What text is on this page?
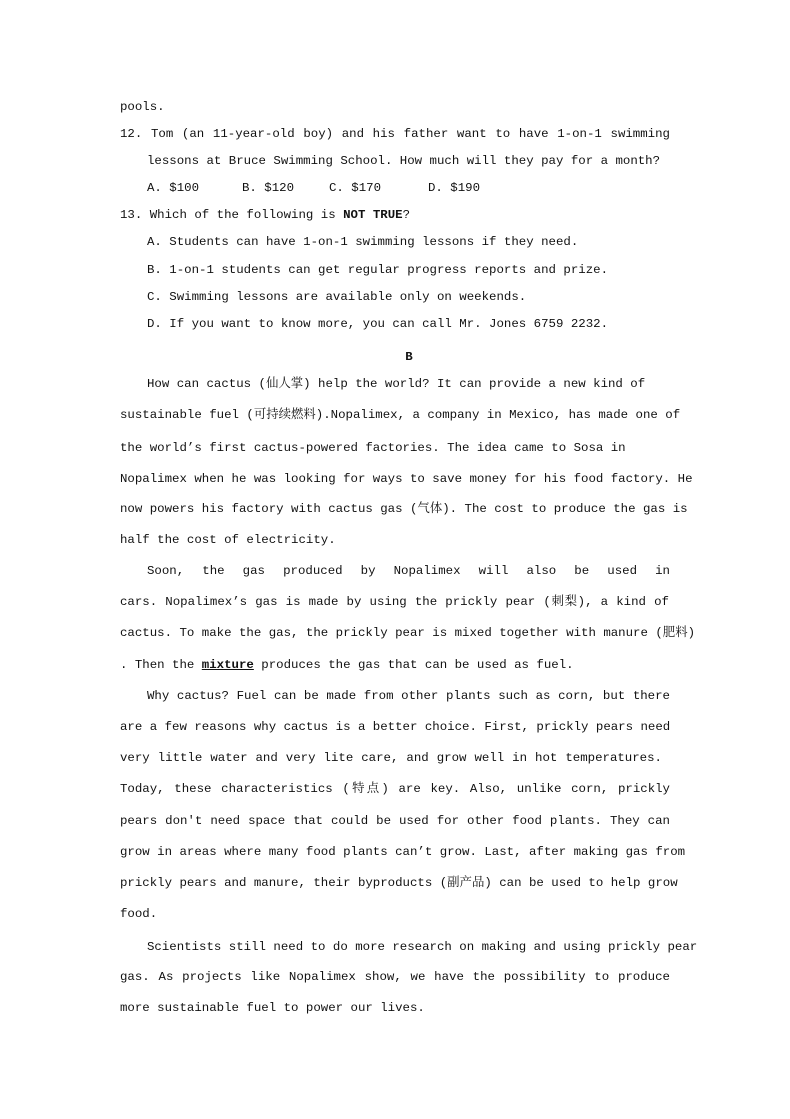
pools.
12. Tom (an 11-year-old boy) and his father want to have 1-on-1 swimming
lessons at Bruce Swimming School. How much will they pay for a month?
A. $100	B. $120	C. $170	D. $190
13. Which of the following is NOT TRUE?
A. Students can have 1-on-1 swimming lessons if they need.
B. 1-on-1 students can get regular progress reports and prize.
C. Swimming lessons are available only on weekends.
D. If you want to know more, you can call Mr. Jones 6759 2232.
B
How can cactus (仙人掌) help the world? It can provide a new kind of
sustainable fuel (可持续燃料).Nopalimex, a company in Mexico, has made one of
the world’s first cactus-powered factories. The idea came to Sosa in
Nopalimex when he was looking for ways to save money for his food factory. He
now powers his factory with cactus gas (气体). The cost to produce the gas is
half the cost of electricity.
Soon, the gas produced by Nopalimex will also be used in
cars. Nopalimex’s gas is made by using the prickly pear (刺梨), a kind of
cactus. To make the gas, the prickly pear is mixed together with manure (肥料)
. Then the mixture produces the gas that can be used as fuel.
Why cactus? Fuel can be made from other plants such as corn, but there
are a few reasons why cactus is a better choice. First, prickly pears need
very little water and very lite care, and grow well in hot temperatures.
Today, these characteristics (特点) are key. Also, unlike corn, prickly
pears don't need space that could be used for other food plants. They can
grow in areas where many food plants can’t grow. Last, after making gas from
prickly pears and manure, their byproducts (副产品) can be used to help grow
food.
Scientists still need to do more research on making and using prickly pear
gas. As projects like Nopalimex show, we have the possibility to produce
more sustainable fuel to power our lives.
